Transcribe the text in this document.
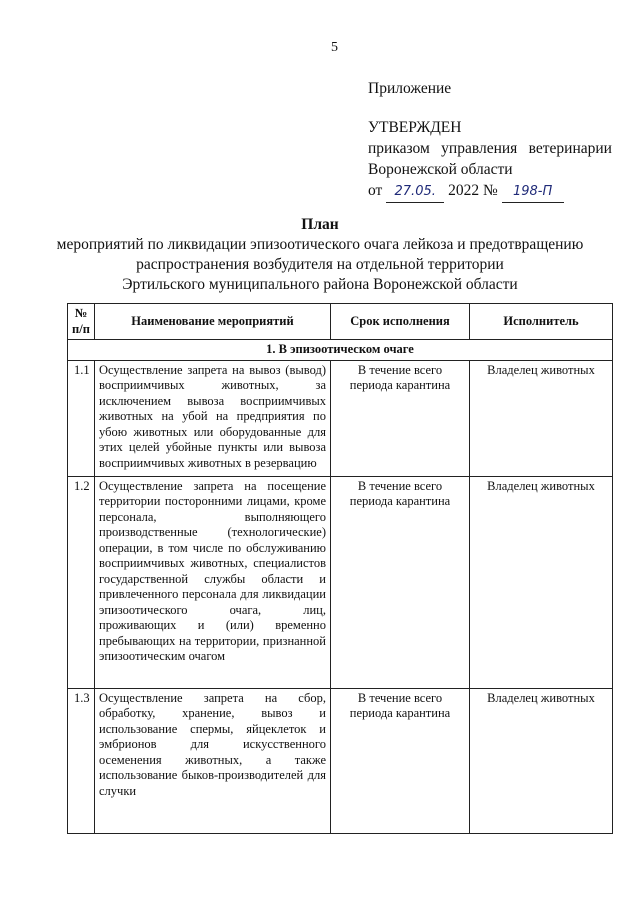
5
Приложение
УТВЕРЖДЕН
приказом управления ветеринарии
Воронежской области
от 27.05. 2022 № 198-П
План
мероприятий по ликвидации эпизоотического очага лейкоза и предотвращению
распространения возбудителя на отдельной территории
Эртильского муниципального района Воронежской области
№ п/п	Наименование мероприятий	Срок исполнения	Исполнитель
1. В эпизоотическом очаге			
1.1	Осуществление запрета на вывоз (вывод) восприимчивых животных, за исключением вывоза восприимчивых животных на убой на предприятия по убою животных или оборудованные для этих целей убойные пункты или вывоза восприимчивых животных в резервацию	В течение всего периода карантина	Владелец животных
1.2	Осуществление запрета на посещение территории посторонними лицами, кроме персонала, выполняющего производственные (технологические) операции, в том числе по обслуживанию восприимчивых животных, специалистов государственной службы области и привлеченного персонала для ликвидации эпизоотического очага, лиц, проживающих и (или) временно пребывающих на территории, признанной эпизоотическим очагом	В течение всего периода карантина	Владелец животных
1.3	Осуществление запрета на сбор, обработку, хранение, вывоз и использование спермы, яйцеклеток и эмбрионов для искусственного осеменения животных, а также использование быков-производителей для случки	В течение всего периода карантина	Владелец животных
